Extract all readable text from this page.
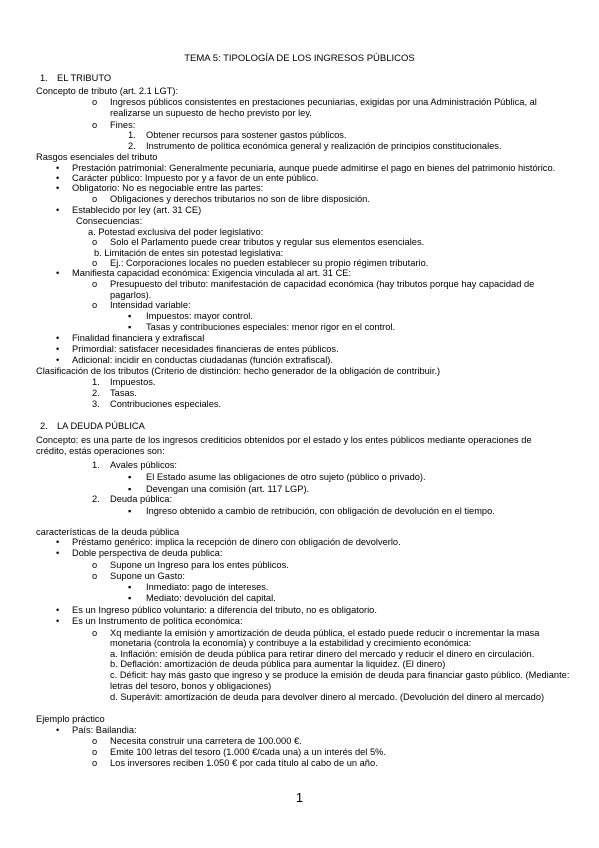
TEMA 5: TIPOLOGÍA DE LOS INGRESOS PÚBLICOS
1. EL TRIBUTO
Concepto de tributo (art. 2.1 LGT):
o Ingresos públicos consistentes en prestaciones pecuniarias, exigidas por una Administración Pública, al
realizarse un supuesto de hecho previsto por ley.
o Fines:
1. Obtener recursos para sostener gastos públicos.
2. Instrumento de política económica general y realización de principios constitucionales.
Rasgos esenciales del tributo
• Prestación patrimonial: Generalmente pecuniaria, aunque puede admitirse el pago en bienes del patrimonio histórico.
• Carácter público: Impuesto por y a favor de un ente público.
• Obligatorio: No es negociable entre las partes:
o Obligaciones y derechos tributarios no son de libre disposición.
• Establecido por ley (art. 31 CE)
Consecuencias:
a. Potestad exclusiva del poder legislativo:
o Solo el Parlamento puede crear tributos y regular sus elementos esenciales.
b. Limitación de entes sin potestad legislativa:
o Ej.: Corporaciones locales no pueden establecer su propio régimen tributario.
• Manifiesta capacidad económica: Exigencia vinculada al art. 31 CE:
o Presupuesto del tributo: manifestación de capacidad económica (hay tributos porque hay capacidad de
pagarlos).
o Intensidad variable:
▪ Impuestos: mayor control.
▪ Tasas y contribuciones especiales: menor rigor en el control.
• Finalidad financiera y extrafiscal
• Primordial: satisfacer necesidades financieras de entes públicos.
• Adicional: incidir en conductas ciudadanas (función extrafiscal).
Clasificación de los tributos (Criterio de distinción: hecho generador de la obligación de contribuir.)
1. Impuestos.
2. Tasas.
3. Contribuciones especiales.
2. LA DEUDA PÚBLICA
Concepto: es una parte de los ingresos crediticios obtenidos por el estado y los entes públicos mediante operaciones de
crédito, estás operaciones son:
1. Avales públicos:
▪ El Estado asume las obligaciones de otro sujeto (público o privado).
▪ Devengan una comisión (art. 117 LGP).
2. Deuda pública:
▪ Ingreso obtenido a cambio de retribución, con obligación de devolución en el tiempo.
características de la deuda pública
• Préstamo genérico: implica la recepción de dinero con obligación de devolverlo.
• Doble perspectiva de deuda publica:
o Supone un Ingreso para los entes públicos.
o Supone un Gasto:
▪ Inmediato: pago de intereses.
▪ Mediato: devolución del capital.
• Es un Ingreso público voluntario: a diferencia del tributo, no es obligatorio.
• Es un Instrumento de política económica:
o Xq mediante la emisión y amortización de deuda pública, el estado puede reducir o incrementar la masa
monetaria (controla la economía) y contribuye a la estabilidad y crecimiento económica:
a. Inflación: emisión de deuda pública para retirar dinero del mercado y reducir el dinero en circulación.
b. Deflación: amortización de deuda pública para aumentar la liquidez. (El dinero)
c. Déficit: hay más gasto que ingreso y se produce la emisión de deuda para financiar gasto público. (Mediante:
letras del tesoro, bonos y obligaciones)
d. Superávit: amortización de deuda para devolver dinero al mercado. (Devolución del dinero al mercado)
Ejemplo práctico
• País: Bailandia:
o Necesita construir una carretera de 100.000 €.
o Emite 100 letras del tesoro (1.000 €/cada una) a un interés del 5%.
o Los inversores reciben 1.050 € por cada título al cabo de un año.
1
